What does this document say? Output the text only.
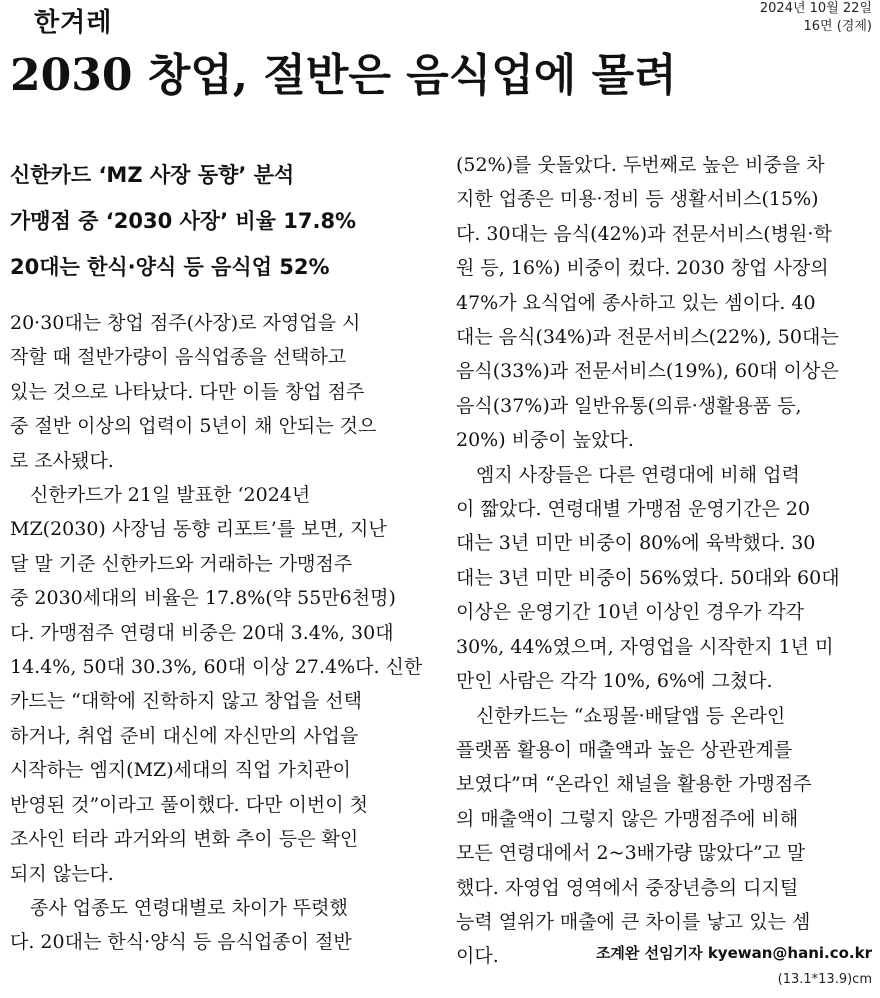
한겨레	2024년 10월 22일
16면 (경제)
2030 창업, 절반은 음식업에 몰려
신한카드 ‘MZ 사장 동향’ 분석
가맹점 중 ‘2030 사장’ 비율 17.8%
20대는 한식·양식 등 음식업 52%
20·30대는 창업 점주(사장)로 자영업을 시
작할 때 절반가량이 음식업종을 선택하고
있는 것으로 나타났다. 다만 이들 창업 점주
중 절반 이상의 업력이 5년이 채 안되는 것으
로 조사됐다.
신한카드가 21일 발표한 ‘2024년
MZ(2030) 사장님 동향 리포트’를 보면, 지난
달 말 기준 신한카드와 거래하는 가맹점주
중 2030세대의 비율은 17.8%(약 55만6천명)
다. 가맹점주 연령대 비중은 20대 3.4%, 30대
14.4%, 50대 30.3%, 60대 이상 27.4%다. 신한
카드는 “대학에 진학하지 않고 창업을 선택
하거나, 취업 준비 대신에 자신만의 사업을
시작하는 엠지(MZ)세대의 직업 가치관이
반영된 것”이라고 풀이했다. 다만 이번이 첫
조사인 터라 과거와의 변화 추이 등은 확인
되지 않는다.
종사 업종도 연령대별로 차이가 뚜렷했
다. 20대는 한식·양식 등 음식업종이 절반
(52%)를 웃돌았다. 두번째로 높은 비중을 차
지한 업종은 미용·정비 등 생활서비스(15%)
다. 30대는 음식(42%)과 전문서비스(병원·학
원 등, 16%) 비중이 컸다. 2030 창업 사장의
47%가 요식업에 종사하고 있는 셈이다. 40
대는 음식(34%)과 전문서비스(22%), 50대는
음식(33%)과 전문서비스(19%), 60대 이상은
음식(37%)과 일반유통(의류·생활용품 등,
20%) 비중이 높았다.
엠지 사장들은 다른 연령대에 비해 업력
이 짧았다. 연령대별 가맹점 운영기간은 20
대는 3년 미만 비중이 80%에 육박했다. 30
대는 3년 미만 비중이 56%였다. 50대와 60대
이상은 운영기간 10년 이상인 경우가 각각
30%, 44%였으며, 자영업을 시작한지 1년 미
만인 사람은 각각 10%, 6%에 그쳤다.
신한카드는 “쇼핑몰·배달앱 등 온라인
플랫폼 활용이 매출액과 높은 상관관계를
보였다”며 “온라인 채널을 활용한 가맹점주
의 매출액이 그렇지 않은 가맹점주에 비해
모든 연령대에서 2~3배가량 많았다”고 말
했다. 자영업 영역에서 중장년층의 디지털
능력 열위가 매출에 큰 차이를 낳고 있는 셈
이다.	조계완 선임기자 kyewan@hani.co.kr
(13.1*13.9)cm
